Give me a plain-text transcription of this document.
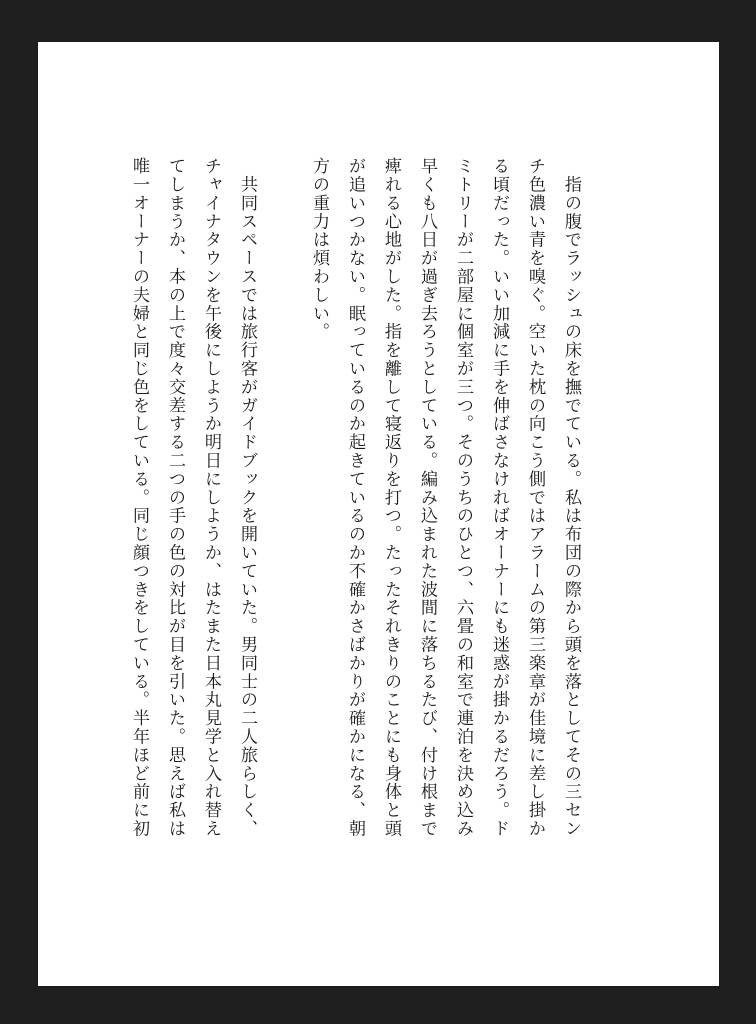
　指の腹でラッシュの床を撫でている。私は布団の際から頭を落としてその三セン
チ色濃い青を嗅ぐ。空いた枕の向こう側ではアラームの第三楽章が佳境に差し掛か
る頃だった。いい加減に手を伸ばさなければオーナーにも迷惑が掛かるだろう。ド
ミトリーが二部屋に個室が三つ。そのうちのひとつ、六畳の和室で連泊を決め込み
早くも八日が過ぎ去ろうとしている。編み込まれた波間に落ちるたび、付け根まで
痺れる心地がした。指を離して寝返りを打つ。たったそれきりのことにも身体と頭
が追いつかない。眠っているのか起きているのか不確かさばかりが確かになる、朝
方の重力は煩わしい。
　共同スペースでは旅行客がガイドブックを開いていた。男同士の二人旅らしく、
チャイナタウンを午後にしようか明日にしようか、はたまた日本丸見学と入れ替え
てしまうか、本の上で度々交差する二つの手の色の対比が目を引いた。思えば私は
唯一オーナーの夫婦と同じ色をしている。同じ顔つきをしている。半年ほど前に初
